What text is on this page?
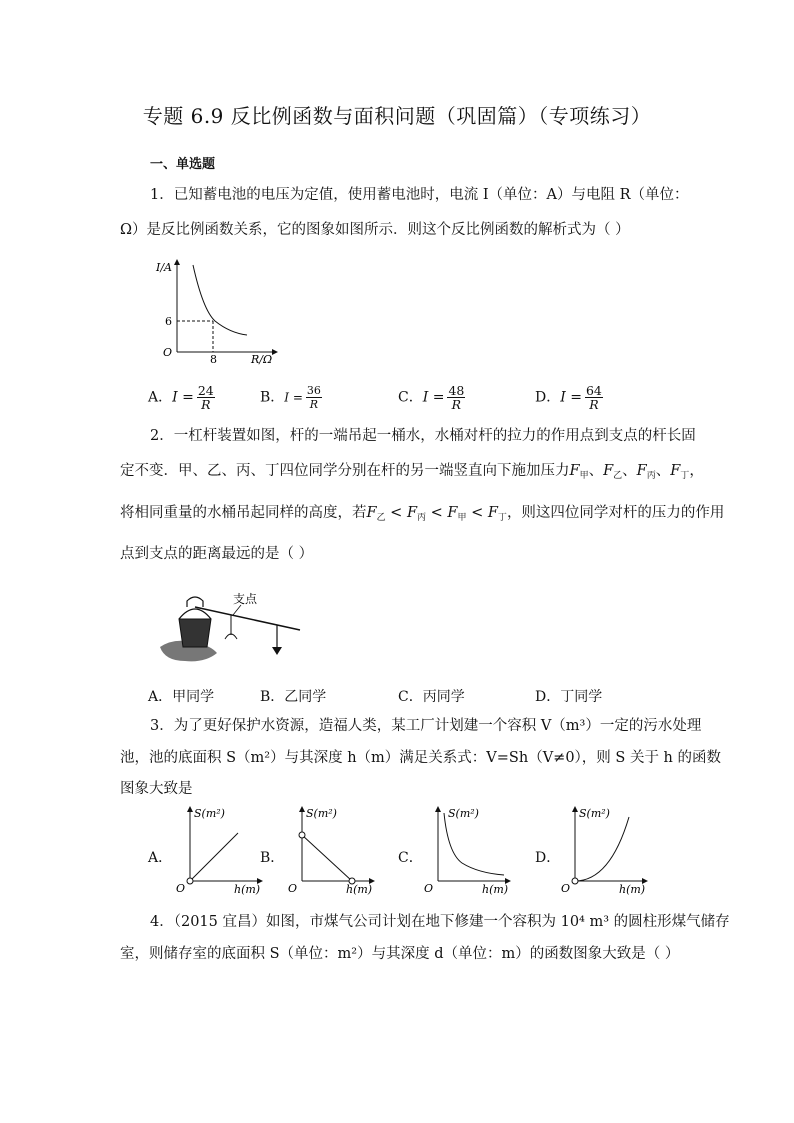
专题 6.9 反比例函数与面积问题（巩固篇）（专项练习）
一、单选题
1．已知蓄电池的电压为定值，使用蓄电池时，电流 I（单位：A）与电阻 R（单位：
Ω）是反比例函数关系，它的图象如图所示．则这个反比例函数的解析式为（ ）
I/A
R/Ω
O
6
8
A．$I = \frac{24}{R}$	B．$I = \frac{36}{R}$	C．$I = \frac{48}{R}$	D．$I = \frac{64}{R}$
2．一杠杆装置如图，杆的一端吊起一桶水，水桶对杆的拉力的作用点到支点的杆长固
定不变．甲、乙、丙、丁四位同学分别在杆的另一端竖直向下施加压力$F_甲$、$F_乙$、$F_丙$、$F_丁$，
将相同重量的水桶吊起同样的高度，若$F_乙 < F_丙 < F_甲 < F_丁$，则这四位同学对杆的压力的作用
点到支点的距离最远的是（ ）
支点
A．甲同学	B．乙同学	C．丙同学	D．丁同学
3．为了更好保护水资源，造福人类，某工厂计划建一个容积 V（m³）一定的污水处理
池，池的底面积 S（m²）与其深度 h（m）满足关系式：V=Sh（V≠0），则 S 关于 h 的函数
图象大致是
A．
S(m²)
h(m)
O
B．
S(m²)
h(m)
O
C．
S(m²)
h(m)
O
D．
S(m²)
h(m)
O
4．（2015 宜昌）如图，市煤气公司计划在地下修建一个容积为 10⁴ m³ 的圆柱形煤气储存
室，则储存室的底面积 S（单位：m²）与其深度 d（单位：m）的函数图象大致是（ ）
